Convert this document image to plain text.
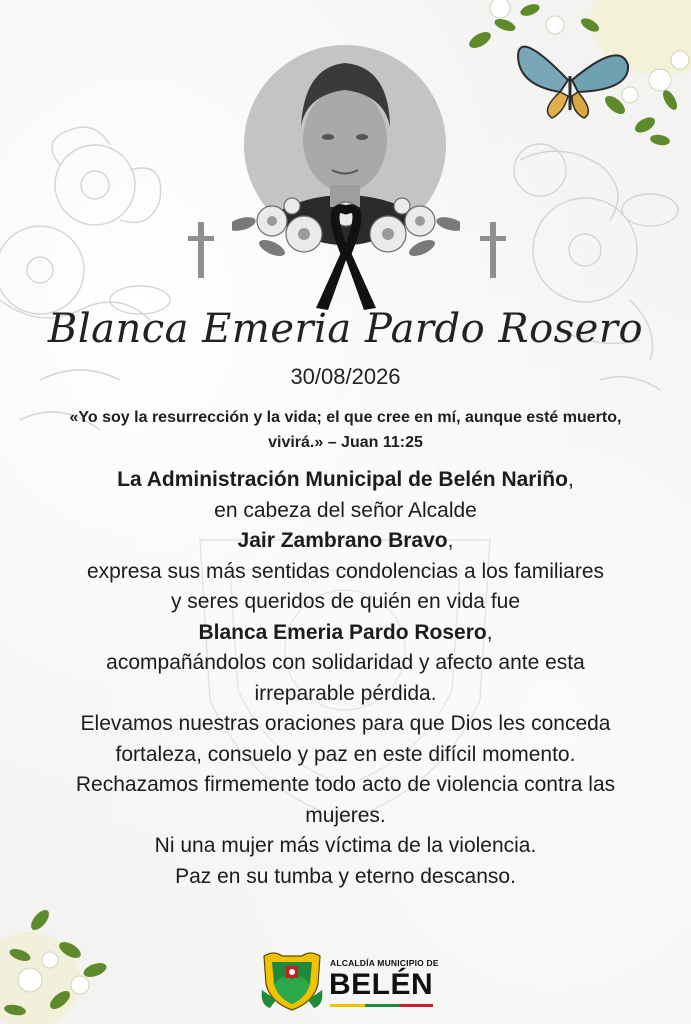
Blanca Emeria Pardo Rosero
30/08/2026
«Yo soy la resurrección y la vida; el que cree en mí, aunque esté muerto, vivirá.» – Juan 11:25
La Administración Municipal de Belén Nariño,
en cabeza del señor Alcalde
Jair Zambrano Bravo,
expresa sus más sentidas condolencias a los familiares y seres queridos de quién en vida fue
Blanca Emeria Pardo Rosero,
acompañándolos con solidaridad y afecto ante esta irreparable pérdida.
Elevamos nuestras oraciones para que Dios les conceda fortaleza, consuelo y paz en este difícil momento.
Rechazamos firmemente todo acto de violencia contra las mujeres.
Ni una mujer más víctima de la violencia.
Paz en su tumba y eterno descanso.
ALCALDÍA MUNICIPIO DE
BELÉN
